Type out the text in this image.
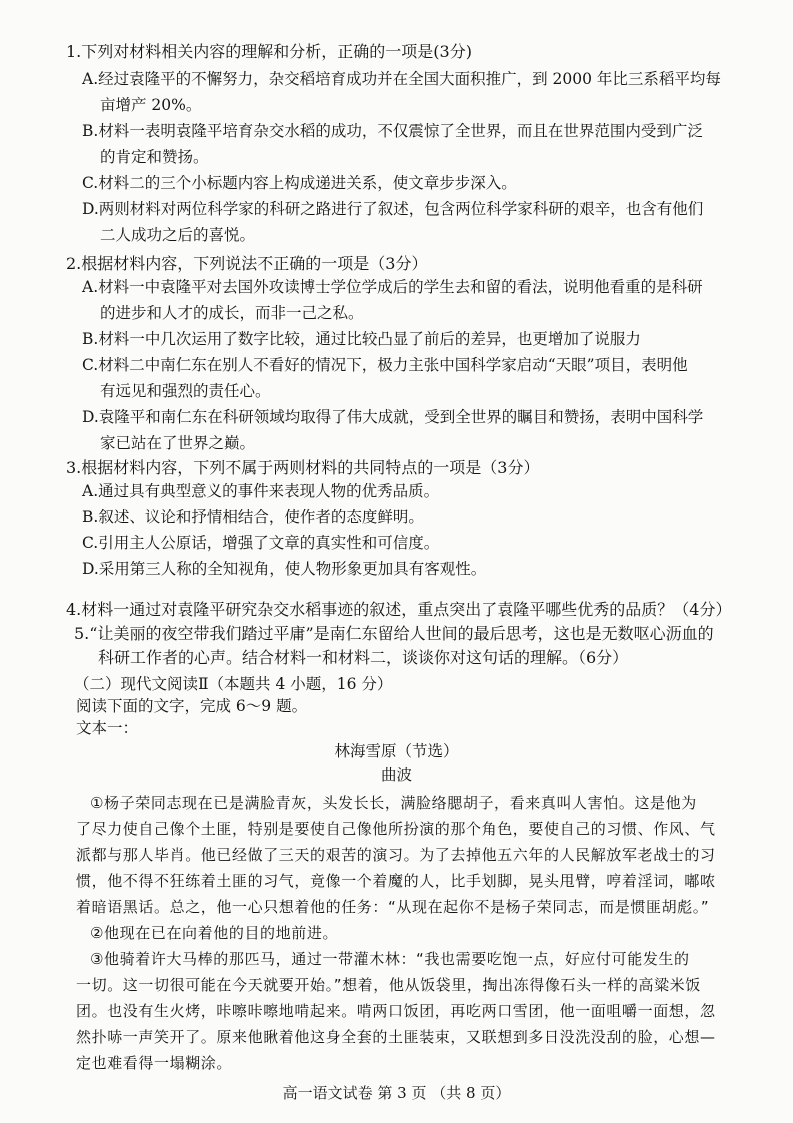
1.下列对材料相关内容的理解和分析，正确的一项是(3分)
A.经过袁隆平的不懈努力，杂交稻培育成功并在全国大面积推广，到 2000 年比三系稻平均每
亩增产 20%。
B.材料一表明袁隆平培育杂交水稻的成功，不仅震惊了全世界，而且在世界范围内受到广泛
的肯定和赞扬。
C.材料二的三个小标题内容上构成递进关系，使文章步步深入。
D.两则材料对两位科学家的科研之路进行了叙述，包含两位科学家科研的艰辛，也含有他们
二人成功之后的喜悦。
2.根据材料内容，下列说法不正确的一项是（3分）
A.材料一中袁隆平对去国外攻读博士学位学成后的学生去和留的看法，说明他看重的是科研
的进步和人才的成长，而非一己之私。
B.材料一中几次运用了数字比较，通过比较凸显了前后的差异，也更增加了说服力
C.材料二中南仁东在别人不看好的情况下，极力主张中国科学家启动“天眼”项目，表明他
有远见和强烈的责任心。
D.袁隆平和南仁东在科研领域均取得了伟大成就，受到全世界的瞩目和赞扬，表明中国科学
家已站在了世界之巅。
3.根据材料内容，下列不属于两则材料的共同特点的一项是（3分）
A.通过具有典型意义的事件来表现人物的优秀品质。
B.叙述、议论和抒情相结合，使作者的态度鲜明。
C.引用主人公原话，增强了文章的真实性和可信度。
D.采用第三人称的全知视角，使人物形象更加具有客观性。
4.材料一通过对袁隆平研究杂交水稻事迹的叙述，重点突出了袁隆平哪些优秀的品质？（4分）
5.“让美丽的夜空带我们踏过平庸”是南仁东留给人世间的最后思考，这也是无数呕心沥血的
科研工作者的心声。结合材料一和材料二，谈谈你对这句话的理解。（6分）
（二）现代文阅读Ⅱ（本题共 4 小题，16 分）
阅读下面的文字，完成 6～9 题。
文本一：
林海雪原（节选）
曲波
①杨子荣同志现在已是满脸青灰，头发长长，满脸络腮胡子，看来真叫人害怕。这是他为
了尽力使自己像个土匪，特别是要使自己像他所扮演的那个角色，要使自己的习惯、作风、气
派都与那人毕肖。他已经做了三天的艰苦的演习。为了去掉他五六年的人民解放军老战士的习
惯，他不得不狂练着土匪的习气，竟像一个着魔的人，比手划脚，晃头甩臂，哼着淫词，嘟哝
着暗语黑话。总之，他一心只想着他的任务：“从现在起你不是杨子荣同志，而是惯匪胡彪。”
②他现在已在向着他的目的地前进。
③他骑着许大马棒的那匹马，通过一带灌木林：“我也需要吃饱一点，好应付可能发生的
一切。这一切很可能在今天就要开始。”想着，他从饭袋里，掏出冻得像石头一样的高粱米饭
团。也没有生火烤，咔嚓咔嚓地啃起来。啃两口饭团，再吃两口雪团，他一面咀嚼一面想，忽
然扑哧一声笑开了。原来他瞅着他这身全套的土匪装束，又联想到多日没洗没刮的脸，心想—
定也难看得一塌糊涂。
高一语文试卷 第 3 页 （共 8 页）
